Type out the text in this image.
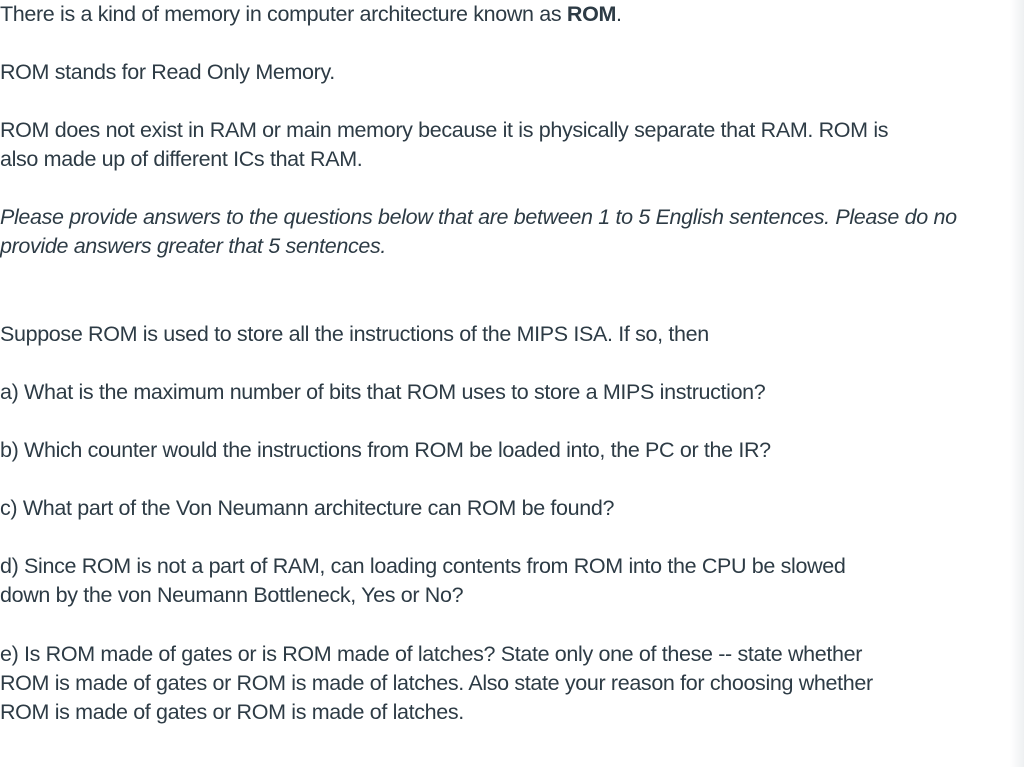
There is a kind of memory in computer architecture known as ROM.

ROM stands for Read Only Memory.

ROM does not exist in RAM or main memory because it is physically separate that RAM. ROM is
also made up of different ICs that RAM.

Please provide answers to the questions below that are between 1 to 5 English sentences. Please do no
provide answers greater that 5 sentences.

Suppose ROM is used to store all the instructions of the MIPS ISA. If so, then

a) What is the maximum number of bits that ROM uses to store a MIPS instruction?

b) Which counter would the instructions from ROM be loaded into, the PC or the IR?

c) What part of the Von Neumann architecture can ROM be found?

d) Since ROM is not a part of RAM, can loading contents from ROM into the CPU be slowed
down by the von Neumann Bottleneck, Yes or No?

e) Is ROM made of gates or is ROM made of latches? State only one of these -- state whether
ROM is made of gates or ROM is made of latches. Also state your reason for choosing whether
ROM is made of gates or ROM is made of latches.
